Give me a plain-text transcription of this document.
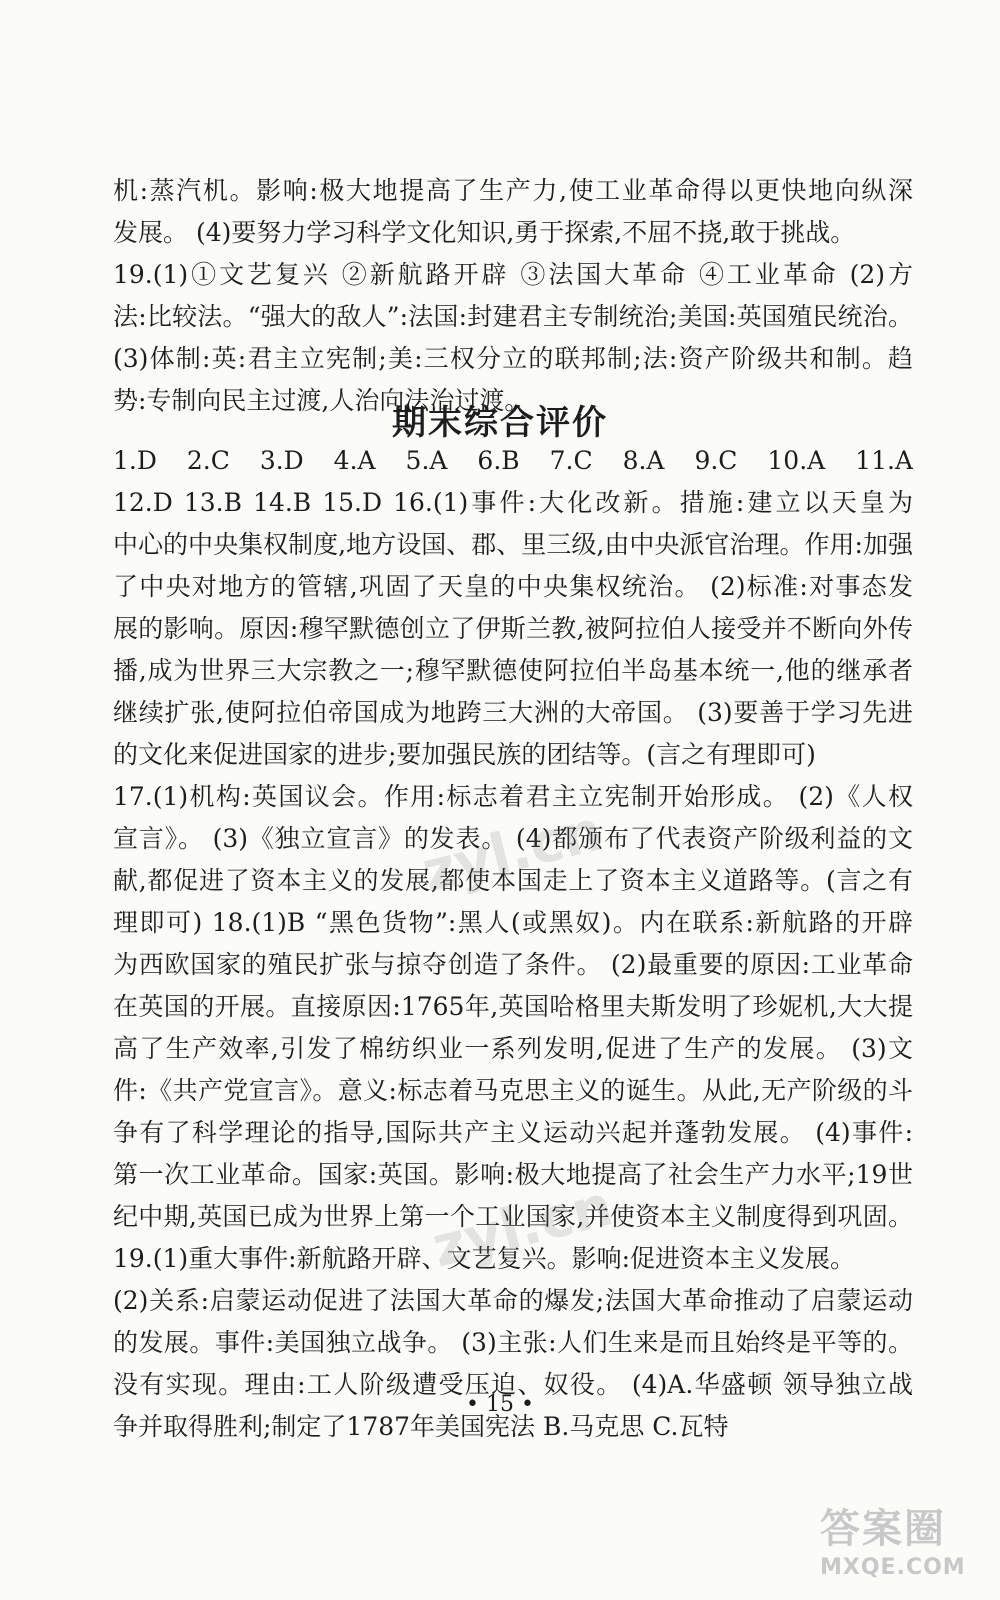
机:蒸汽机。影响:极大地提高了生产力,使工业革命得以更快地向纵深
发展。 (4)要努力学习科学文化知识,勇于探索,不屈不挠,敢于挑战。
19.(1)①文艺复兴 ②新航路开辟 ③法国大革命 ④工业革命 (2)方
法:比较法。“强大的敌人”:法国:封建君主专制统治;美国:英国殖民统治。
(3)体制:英:君主立宪制;美:三权分立的联邦制;法:资产阶级共和制。趋
势:专制向民主过渡,人治向法治过渡。
期末综合评价
1.D 2.C 3.D 4.A 5.A 6.B 7.C 8.A 9.C 10.A 11.A
12.D 13.B 14.B 15.D 16.(1)事件:大化改新。措施:建立以天皇为
中心的中央集权制度,地方设国、郡、里三级,由中央派官治理。作用:加强
了中央对地方的管辖,巩固了天皇的中央集权统治。 (2)标准:对事态发
展的影响。原因:穆罕默德创立了伊斯兰教,被阿拉伯人接受并不断向外传
播,成为世界三大宗教之一;穆罕默德使阿拉伯半岛基本统一,他的继承者
继续扩张,使阿拉伯帝国成为地跨三大洲的大帝国。 (3)要善于学习先进
的文化来促进国家的进步;要加强民族的团结等。(言之有理即可)
17.(1)机构:英国议会。作用:标志着君主立宪制开始形成。 (2)《人权
宣言》。 (3)《独立宣言》的发表。 (4)都颁布了代表资产阶级利益的文
献,都促进了资本主义的发展,都使本国走上了资本主义道路等。(言之有
理即可) 18.(1)B “黑色货物”:黑人(或黑奴)。内在联系:新航路的开辟
为西欧国家的殖民扩张与掠夺创造了条件。 (2)最重要的原因:工业革命
在英国的开展。直接原因:1765年,英国哈格里夫斯发明了珍妮机,大大提
高了生产效率,引发了棉纺织业一系列发明,促进了生产的发展。 (3)文
件:《共产党宣言》。意义:标志着马克思主义的诞生。从此,无产阶级的斗
争有了科学理论的指导,国际共产主义运动兴起并蓬勃发展。 (4)事件:
第一次工业革命。国家:英国。影响:极大地提高了社会生产力水平;19世
纪中期,英国已成为世界上第一个工业国家,并使资本主义制度得到巩固。
19.(1)重大事件:新航路开辟、文艺复兴。影响:促进资本主义发展。
(2)关系:启蒙运动促进了法国大革命的爆发;法国大革命推动了启蒙运动
的发展。事件:美国独立战争。 (3)主张:人们生来是而且始终是平等的。
没有实现。理由:工人阶级遭受压迫、奴役。 (4)A.华盛顿 领导独立战
争并取得胜利;制定了1787年美国宪法 B.马克思 C.瓦特
• 15 •
zyl.cn
zyl.cn
答案圈
MXQE.COM
